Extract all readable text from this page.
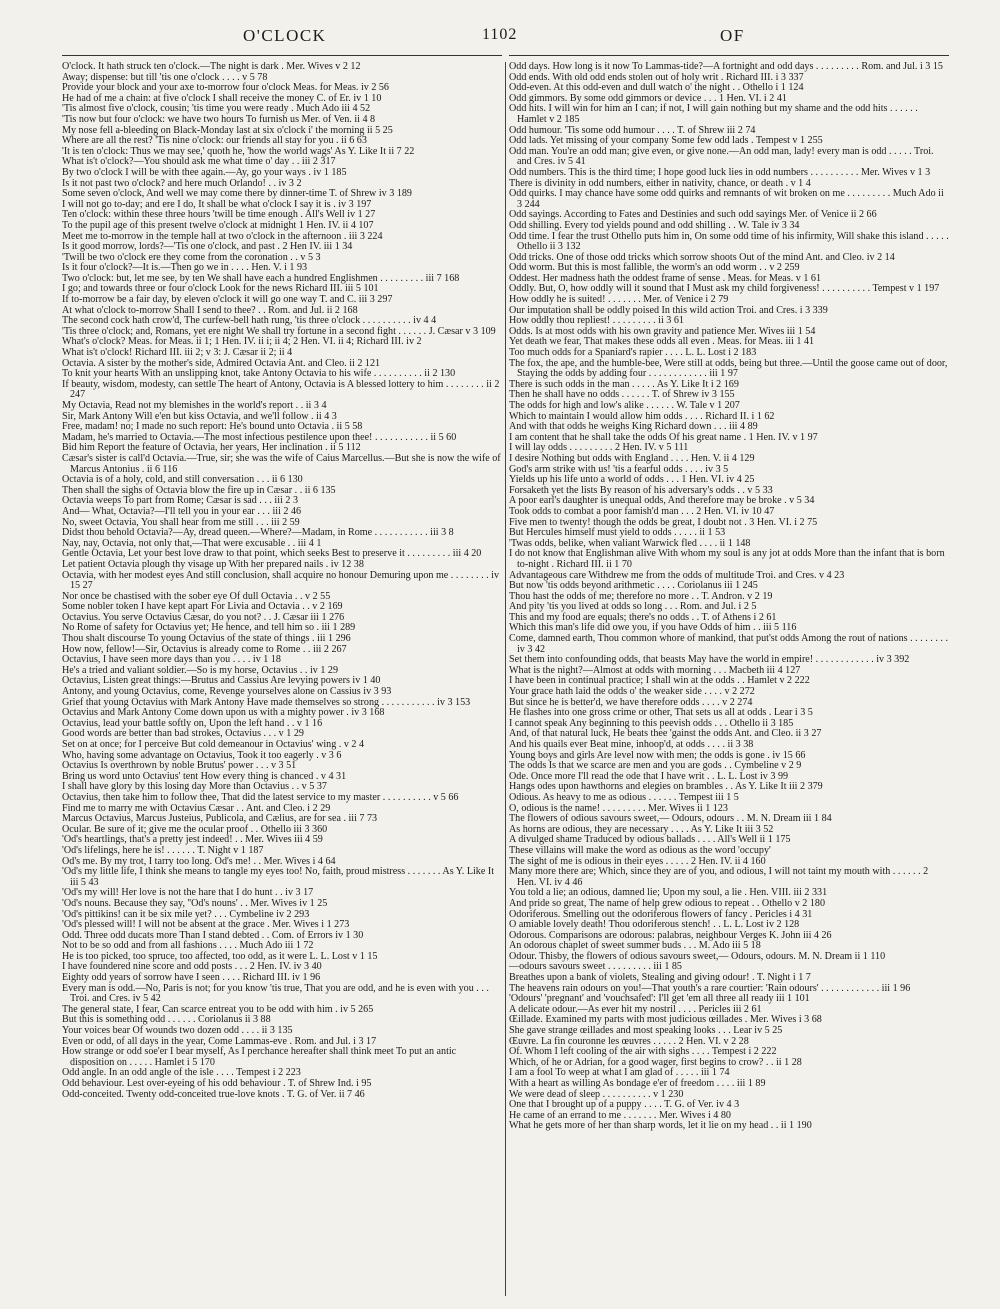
O'CLOCK	1102	OF

O'clock. It hath struck ten o'clock.—The night is dark . Mer. Wives v 2 12

Away; dispense: but till 'tis one o'clock . . . . v 5 78

Provide your block and your axe to-morrow four o'clock Meas. for Meas. iv 2 56

He had of me a chain: at five o'clock I shall receive the money C. of Er. iv 1 10

'Tis almost five o'clock, cousin; 'tis time you were ready . Much Ado iii 4 52

'Tis now but four o'clock: we have two hours To furnish us Mer. of Ven. ii 4 8

My nose fell a-bleeding on Black-Monday last at six o'clock i' the morning ii 5 25

Where are all the rest? 'Tis nine o'clock: our friends all stay for you . ii 6 63

'It is ten o'clock: Thus we may see,' quoth he, 'how the world wags' As Y. Like It ii 7 22

What is't o'clock?—You should ask me what time o' day . . iii 2 317

By two o'clock I will be with thee again.—Ay, go your ways . iv 1 185

Is it not past two o'clock? and here much Orlando! . . iv 3 2

Some seven o'clock, And well we may come there by dinner-time T. of Shrew iv 3 189

I will not go to-day; and ere I do, It shall be what o'clock I say it is . iv 3 197

Ten o'clock: within these three hours 'twill be time enough . All's Well iv 1 27

To the pupil age of this present twelve o'clock at midnight 1 Hen. IV. ii 4 107

Meet me to-morrow in the temple hall at two o'clock in the afternoon . iii 3 224

Is it good morrow, lords?—'Tis one o'clock, and past . 2 Hen IV. iii 1 34

'Twill be two o'clock ere they come from the coronation . . v 5 3

Is it four o'clock?—It is.—Then go we in . . . . Hen. V. i 1 93

Two o'clock: but, let me see, by ten We shall have each a hundred Englishmen . . . . . . . . . iii 7 168

I go; and towards three or four o'clock Look for the news Richard III. iii 5 101

If to-morrow be a fair day, by eleven o'clock it will go one way T. and C. iii 3 297

At what o'clock to-morrow Shall I send to thee? . . Rom. and Jul. ii 2 168

The second cock hath crow'd, The curfew-bell hath rung, 'tis three o'clock . . . . . . . . . . iv 4 4

'Tis three o'clock; and, Romans, yet ere night We shall try fortune in a second fight . . . . . . J. Cæsar v 3 109

What's o'clock? Meas. for Meas. ii 1; 1 Hen. IV. ii i; ii 4; 2 Hen. VI. ii 4; Richard III. iv 2

What is't o'clock! Richard III. iii 2; v 3: J. Cæsar ii 2; ii 4

Octavia. A sister by the mother's side, Admired Octavia Ant. and Cleo. ii 2 121

To knit your hearts With an unslipping knot, take Antony Octavia to his wife . . . . . . . . . . ii 2 130

If beauty, wisdom, modesty, can settle The heart of Antony, Octavia is A blessed lottery to him . . . . . . . . ii 2 247

My Octavia, Read not my blemishes in the world's report . . ii 3 4

Sir, Mark Antony Will e'en but kiss Octavia, and we'll follow . ii 4 3

Free, madam! no; I made no such report: He's bound unto Octavia . ii 5 58

Madam, he's married to Octavia.—The most infectious pestilence upon thee! . . . . . . . . . . . ii 5 60

Bid him Report the feature of Octavia, her years, Her inclination . ii 5 112

Cæsar's sister is call'd Octavia.—True, sir; she was the wife of Caius Marcellus.—But she is now the wife of Marcus Antonius . ii 6 116

Octavia is of a holy, cold, and still conversation . . . ii 6 130

Then shall the sighs of Octavia blow the fire up in Cæsar . . ii 6 135

Octavia weeps To part from Rome; Cæsar is sad . . . iii 2 3

And— What, Octavia?—I'll tell you in your ear . . . iii 2 46

No, sweet Octavia, You shall hear from me still . . . iii 2 59

Didst thou behold Octavia?—Ay, dread queen.—Where?—Madam, in Rome . . . . . . . . . . . iii 3 8

Nay, nay, Octavia, not only that,—That were excusable . . iii 4 1

Gentle Octavia, Let your best love draw to that point, which seeks Best to preserve it . . . . . . . . . iii 4 20

Let patient Octavia plough thy visage up With her prepared nails . iv 12 38

Octavia, with her modest eyes And still conclusion, shall acquire no honour Demuring upon me . . . . . . . . iv 15 27

Nor once be chastised with the sober eye Of dull Octavia . . v 2 55

Some nobler token I have kept apart For Livia and Octavia . . v 2 169

Octavius. You serve Octavius Cæsar, do you not? . . J. Cæsar iii 1 276

No Rome of safety for Octavius yet; He hence, and tell him so . iii 1 289

Thou shalt discourse To young Octavius of the state of things . iii 1 296

How now, fellow!—Sir, Octavius is already come to Rome . . iii 2 267

Octavius, I have seen more days than you . . . . iv 1 18

He's a tried and valiant soldier.—So is my horse, Octavius . . iv 1 29

Octavius, Listen great things:—Brutus and Cassius Are levying powers iv 1 40

Antony, and young Octavius, come, Revenge yourselves alone on Cassius iv 3 93

Grief that young Octavius with Mark Antony Have made themselves so strong . . . . . . . . . . . iv 3 153

Octavius and Mark Antony Come down upon us with a mighty power . iv 3 168

Octavius, lead your battle softly on, Upon the left hand . . v 1 16

Good words are better than bad strokes, Octavius . . . v 1 29

Set on at once; for I perceive But cold demeanour in Octavius' wing . v 2 4

Who, having some advantage on Octavius, Took it too eagerly . v 3 6

Octavius Is overthrown by noble Brutus' power . . . v 3 51

Bring us word unto Octavius' tent How every thing is chanced . v 4 31

I shall have glory by this losing day More than Octavius . . v 5 37

Octavius, then take him to follow thee, That did the latest service to my master . . . . . . . . . . v 5 66

Find me to marry me with Octavius Cæsar . . Ant. and Cleo. i 2 29

Marcus Octavius, Marcus Justeius, Publicola, and Cælius, are for sea . iii 7 73

Ocular. Be sure of it; give me the ocular proof . . Othello iii 3 360

'Od's heartlings, that's a pretty jest indeed! . . Mer. Wives iii 4 59

'Od's lifelings, here he is! . . . . . . T. Night v 1 187

Od's me. By my trot, I tarry too long. Od's me! . . Mer. Wives i 4 64

'Od's my little life, I think she means to tangle my eyes too! No, faith, proud mistress . . . . . . . As Y. Like It iii 5 43

'Od's my will! Her love is not the hare that I do hunt . . iv 3 17

'Od's nouns. Because they say, ''Od's nouns' . . Mer. Wives iv 1 25

'Od's pittikins! can it be six mile yet? . . . Cymbeline iv 2 293

'Od's plessed will! I will not be absent at the grace . Mer. Wives i 1 273

Odd. Three odd ducats more Than I stand debted . . Com. of Errors iv 1 30

Not to be so odd and from all fashions . . . . Much Ado iii 1 72

He is too picked, too spruce, too affected, too odd, as it were L. L. Lost v 1 15

I have foundered nine score and odd posts . . . 2 Hen. IV. iv 3 40

Eighty odd years of sorrow have I seen . . . . Richard III. iv 1 96

Every man is odd.—No, Paris is not; for you know 'tis true, That you are odd, and he is even with you . . . Troi. and Cres. iv 5 42

The general state, I fear, Can scarce entreat you to be odd with him . iv 5 265

But this is something odd . . . . . . Coriolanus ii 3 88

Your voices bear Of wounds two dozen odd . . . . ii 3 135

Even or odd, of all days in the year, Come Lammas-eve . Rom. and Jul. i 3 17

How strange or odd soe'er I bear myself, As I perchance hereafter shall think meet To put an antic disposition on . . . . . Hamlet i 5 170

Odd angle. In an odd angle of the isle . . . . Tempest i 2 223

Odd behaviour. Lest over-eyeing of his odd behaviour . T. of Shrew Ind. i 95

Odd-conceited. Twenty odd-conceited true-love knots . T. G. of Ver. ii 7 46

Odd days. How long is it now To Lammas-tide?—A fortnight and odd days . . . . . . . . . Rom. and Jul. i 3 15

Odd ends. With old odd ends stolen out of holy writ . Richard III. i 3 337

Odd-even. At this odd-even and dull watch o' the night . . Othello i 1 124

Odd gimmors. By some odd gimmors or device . . . 1 Hen. VI. i 2 41

Odd hits. I will win for him an I can; if not, I will gain nothing but my shame and the odd hits . . . . . . Hamlet v 2 185

Odd humour. 'Tis some odd humour . . . . T. of Shrew iii 2 74

Odd lads. Yet missing of your company Some few odd lads . Tempest v 1 255

Odd man. You're an odd man; give even, or give none.—An odd man, lady! every man is odd . . . . . Troi. and Cres. iv 5 41

Odd numbers. This is the third time; I hope good luck lies in odd numbers . . . . . . . . . . Mer. Wives v 1 3

There is divinity in odd numbers, either in nativity, chance, or death . v 1 4

Odd quirks. I may chance have some odd quirks and remnants of wit broken on me . . . . . . . . . Much Ado ii 3 244

Odd sayings. According to Fates and Destinies and such odd sayings Mer. of Venice ii 2 66

Odd shilling. Every tod yields pound and odd shilling . . W. Tale iv 3 34

Odd time. I fear the trust Othello puts him in, On some odd time of his infirmity, Will shake this island . . . . . Othello ii 3 132

Odd tricks. One of those odd tricks which sorrow shoots Out of the mind Ant. and Cleo. iv 2 14

Odd worm. But this is most fallible, the worm's an odd worm . . v 2 259

Oddest. Her madness hath the oddest frame of sense . Meas. for Meas. v 1 61

Oddly. But, O, how oddly will it sound that I Must ask my child forgiveness! . . . . . . . . . . Tempest v 1 197

How oddly he is suited! . . . . . . . Mer. of Venice i 2 79

Our imputation shall be oddly poised In this wild action Troi. and Cres. i 3 339

How oddly thou repliest! . . . . . . . . . ii 3 61

Odds. Is at most odds with his own gravity and patience Mer. Wives iii 1 54

Yet death we fear, That makes these odds all even . Meas. for Meas. iii 1 41

Too much odds for a Spaniard's rapier . . . . L. L. Lost i 2 183

The fox, the ape, and the humble-bee, Were still at odds, being but three.—Until the goose came out of door, Staying the odds by adding four . . . . . . . . . . . . iii 1 97

There is such odds in the man . . . . . As Y. Like It i 2 169

Then he shall have no odds . . . . . . T. of Shrew iv 3 155

The odds for high and low's alike . . . . . . W. Tale v 1 207

Which to maintain I would allow him odds . . . . Richard II. i 1 62

And with that odds he weighs King Richard down . . . iii 4 89

I am content that he shall take the odds Of his great name . 1 Hen. IV. v 1 97

I will lay odds . . . . . . . . . 2 Hen. IV. v 5 111

I desire Nothing but odds with England . . . . Hen. V. ii 4 129

God's arm strike with us! 'tis a fearful odds . . . . iv 3 5

Yields up his life unto a world of odds . . . 1 Hen. VI. iv 4 25

Forsaketh yet the lists By reason of his adversary's odds . . v 5 33

A poor earl's daughter is unequal odds, And therefore may be broke . v 5 34

Took odds to combat a poor famish'd man . . . 2 Hen. VI. iv 10 47

Five men to twenty! though the odds be great, I doubt not . 3 Hen. VI. i 2 75

But Hercules himself must yield to odds . . . . . ii 1 53

'Twas odds, belike, when valiant Warwick fled . . . . ii 1 148

I do not know that Englishman alive With whom my soul is any jot at odds More than the infant that is born to-night . Richard III. ii 1 70

Advantageous care Withdrew me from the odds of multitude Troi. and Cres. v 4 23

But now 'tis odds beyond arithmetic . . . . Coriolanus iii 1 245

Thou hast the odds of me; therefore no more . . T. Andron. v 2 19

And pity 'tis you lived at odds so long . . . Rom. and Jul. i 2 5

This and my food are equals; there's no odds . . T. of Athens i 2 61

Which this man's life did owe you, if you have Odds of him . . iii 5 116

Come, damned earth, Thou common whore of mankind, that put'st odds Among the rout of nations . . . . . . . . iv 3 42

Set them into confounding odds, that beasts May have the world in empire! . . . . . . . . . . . . iv 3 392

What is the night?—Almost at odds with morning . . . Macbeth iii 4 127

I have been in continual practice; I shall win at the odds . . Hamlet v 2 222

Your grace hath laid the odds o' the weaker side . . . . v 2 272

But since he is better'd, we have therefore odds . . . . v 2 274

He flashes into one gross crime or other, That sets us all at odds . Lear i 3 5

I cannot speak Any beginning to this peevish odds . . . Othello ii 3 185

And, of that natural luck, He beats thee 'gainst the odds Ant. and Cleo. ii 3 27

And his quails ever Beat mine, inhoop'd, at odds . . . . ii 3 38

Young boys and girls Are level now with men; the odds is gone . iv 15 66

The odds Is that we scarce are men and you are gods . . Cymbeline v 2 9

Ode. Once more I'll read the ode that I have writ . . L. L. Lost iv 3 99

Hangs odes upon hawthorns and elegies on brambles . . As Y. Like It iii 2 379

Odious. As heavy to me as odious . . . . . . Tempest iii 1 5

O, odious is the name! . . . . . . . . . Mer. Wives ii 1 123

The flowers of odious savours sweet,— Odours, odours . . M. N. Dream iii 1 84

As horns are odious, they are necessary . . . . As Y. Like It iii 3 52

A divulged shame Traduced by odious ballads . . . . All's Well ii 1 175

These villains will make the word as odious as the word 'occupy'

The sight of me is odious in their eyes . . . . . 2 Hen. IV. ii 4 160

Many more there are; Which, since they are of you, and odious, I will not taint my mouth with . . . . . . 2 Hen. VI. iv 4 46

You told a lie; an odious, damned lie; Upon my soul, a lie . Hen. VIII. iii 2 331

And pride so great, The name of help grew odious to repeat . . Othello v 2 180

Odoriferous. Smelling out the odoriferous flowers of fancy . Pericles i 4 31

O amiable lovely death! Thou odoriferous stench! . . L. L. Lost iv 2 128

Odorous. Comparisons are odorous: palabras, neighbour Verges K. John iii 4 26

An odorous chaplet of sweet summer buds . . . M. Ado iii 5 18

Odour. Thisby, the flowers of odious savours sweet,— Odours, odours. M. N. Dream ii 1 110

—odours savours sweet . . . . . . . . . iii 1 85

Breathes upon a bank of violets, Stealing and giving odour! . T. Night i 1 7

The heavens rain odours on you!—That youth's a rare courtier: 'Rain odours' . . . . . . . . . . . . iii 1 96

'Odours' 'pregnant' and 'vouchsafed': I'll get 'em all three all ready iii 1 101

A delicate odour.—As ever hit my nostril . . . . Pericles iii 2 61

Œillade. Examined my parts with most judicious œillades . Mer. Wives i 3 68

She gave strange œillades and most speaking looks . . . Lear iv 5 25

Œuvre. La fin couronne les œuvres . . . . . 2 Hen. VI. v 2 28

Of. Whom I left cooling of the air with sighs . . . . Tempest i 2 222

Which, of he or Adrian, for a good wager, first begins to crow? . . ii 1 28

I am a fool To weep at what I am glad of . . . . . iii 1 74

With a heart as willing As bondage e'er of freedom . . . . iii 1 89

We were dead of sleep . . . . . . . . . . v 1 230

One that I brought up of a puppy . . . . T. G. of Ver. iv 4 3

He came of an errand to me . . . . . . . Mer. Wives i 4 80

What he gets more of her than sharp words, let it lie on my head . . ii 1 190
